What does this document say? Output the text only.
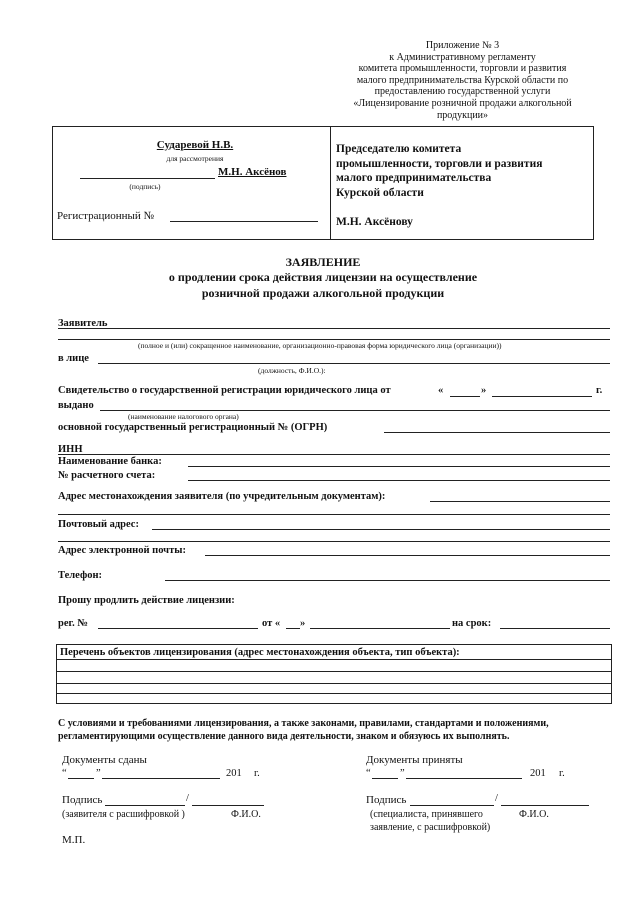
Приложение № 3
к Административному регламенту
комитета промышленности, торговли и развития
малого предпринимательства Курской области по
предоставлению государственной услуги
«Лицензирование розничной продажи алкогольной
продукции»
Сударевой Н.В.
для рассмотрения
М.Н. Аксёнов
(подпись)
Регистрационный №
Председателю комитета
промышленности, торговли и развития
малого предпринимательства
Курской области
М.Н. Аксёнову
ЗАЯВЛЕНИЕ
о продлении срока действия лицензии на осуществление
розничной продажи алкогольной продукции
Заявитель
(полное и (или) сокращенное наименование, организационно-правовая форма юридического лица (организации))
в лице
(должность, Ф.И.О.):
Свидетельство о государственной регистрации юридического лица от	«	»	г.
выдано
(наименование налогового органа)
основной государственный регистрационный № (ОГРН)
ИНН
Наименование банка:
№ расчетного счета:
Адрес местонахождения заявителя (по учредительным документам):
Почтовый адрес:
Адрес электронной почты:
Телефон:
Прошу продлить действие лицензии:
рег. №	от « »	на срок:
Перечень объектов лицензирования (адрес местонахождения объекта, тип объекта):
С условиями и требованиями лицензирования, а также законами, правилами, стандартами и положениями,
регламентирующими осуществление данного вида деятельности, знаком и обязуюсь их выполнять.
Документы сданы
“	”	201 г.
Подпись	/
(заявителя с расшифровкой )	Ф.И.О.
Документы приняты
“	”	201 г.
Подпись	/
(специалиста, принявшего	Ф.И.О.
заявление, с расшифровкой)
М.П.
